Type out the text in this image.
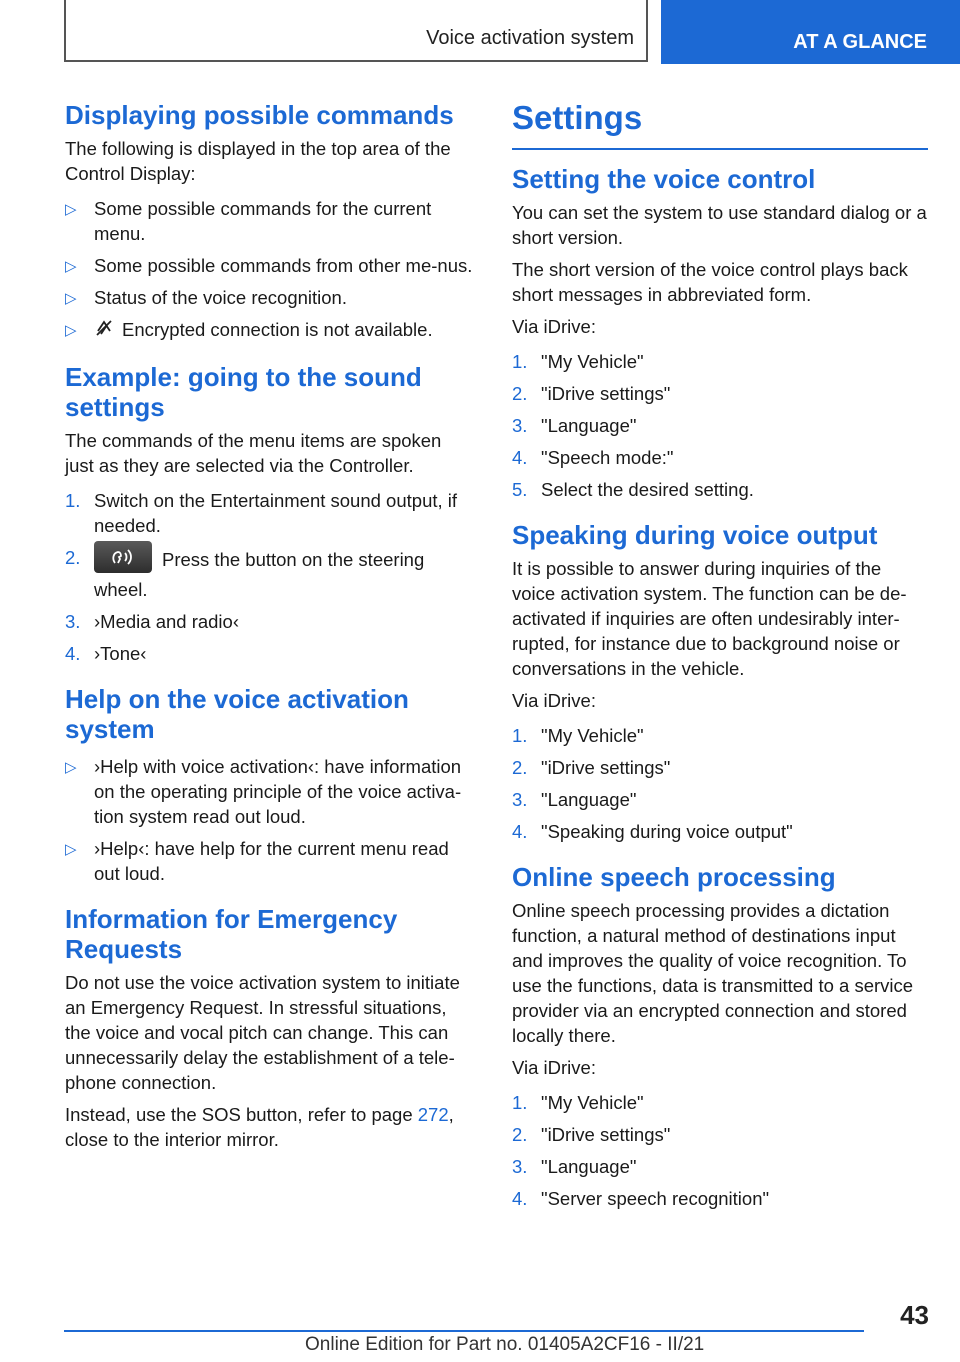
Voice activation system	AT A GLANCE
Displaying possible commands

The following is displayed in the top area of the Control Display:

▷ Some possible commands for the current menu.
▷ Some possible commands from other me-nus.
▷ Status of the voice recognition.
▷ Encrypted connection is not available.
Example: going to the sound settings

The commands of the menu items are spoken just as they are selected via the Controller.

1. Switch on the Entertainment sound output, if needed.
2.	Press the button on the steering wheel.
3. ›Media and radio‹
4. ›Tone‹
Help on the voice activation system
▷ ›Help with voice activation‹: have information on the operating principle of the voice activa-tion system read out loud.
▷ ›Help‹: have help for the current menu read out loud.
Information for Emergency Requests

Do not use the voice activation system to initiate an Emergency Request. In stressful situations, the voice and vocal pitch can change. This can unnecessarily delay the establishment of a tele-phone connection.

Instead, use the SOS button, refer to page 272, close to the interior mirror.

Settings
Setting the voice control

You can set the system to use standard dialog or a short version.

The short version of the voice control plays back short messages in abbreviated form.

Via iDrive:

1. "My Vehicle"
2. "iDrive settings"
3. "Language"
4. "Speech mode:"
5. Select the desired setting.
Speaking during voice output

It is possible to answer during inquiries of the voice activation system. The function can be de-activated if inquiries are often undesirably inter-rupted, for instance due to background noise or conversations in the vehicle.

Via iDrive:

1. "My Vehicle"
2. "iDrive settings"
3. "Language"
4. "Speaking during voice output"
Online speech processing

Online speech processing provides a dictation function, a natural method of destinations input and improves the quality of voice recognition. To use the functions, data is transmitted to a service provider via an encrypted connection and stored locally there.

Via iDrive:

1. "My Vehicle"
2. "iDrive settings"
3. "Language"
4. "Server speech recognition"
43
Online Edition for Part no. 01405A2CF16 - II/21
